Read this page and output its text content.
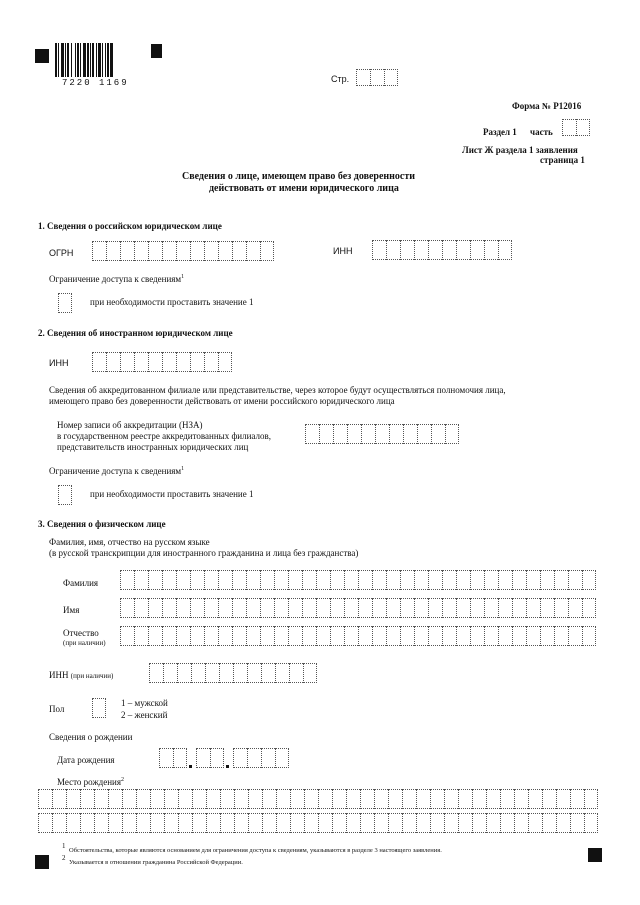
7220 1169	Стр.
Форма № Р12016
Раздел 1 часть
Лист Ж раздела 1 заявления
страница 1
Сведения о лице, имеющем право без доверенности
действовать от имени юридического лица
1. Сведения о российском юридическом лице
ОГРН	ИНН
Ограничение доступа к сведениям$^1$
при необходимости проставить значение 1
2. Сведения об иностранном юридическом лице
ИНН
Сведения об аккредитованном филиале или представительстве, через которое будут осуществляться полномочия лица,
имеющего право без доверенности действовать от имени российского юридического лица
Номер записи об аккредитации (НЗА)
в государственном реестре аккредитованных филиалов,
представительств иностранных юридических лиц
Ограничение доступа к сведениям$^1$
при необходимости проставить значение 1
3. Сведения о физическом лице
Фамилия, имя, отчество на русском языке
(в русской транскрипции для иностранного гражданина и лица без гражданства)
Фамилия
Имя
Отчество
(при наличии)
ИНН (при наличии)
Пол
1 – мужской
2 – женский
Сведения о рождении
Дата рождения
Место рождения$^2$
1
Обстоятельства, которые являются основанием для ограничения доступа к сведениям, указываются в разделе 3 настоящего заявления.
2
Указывается в отношении гражданина Российской Федерации.
